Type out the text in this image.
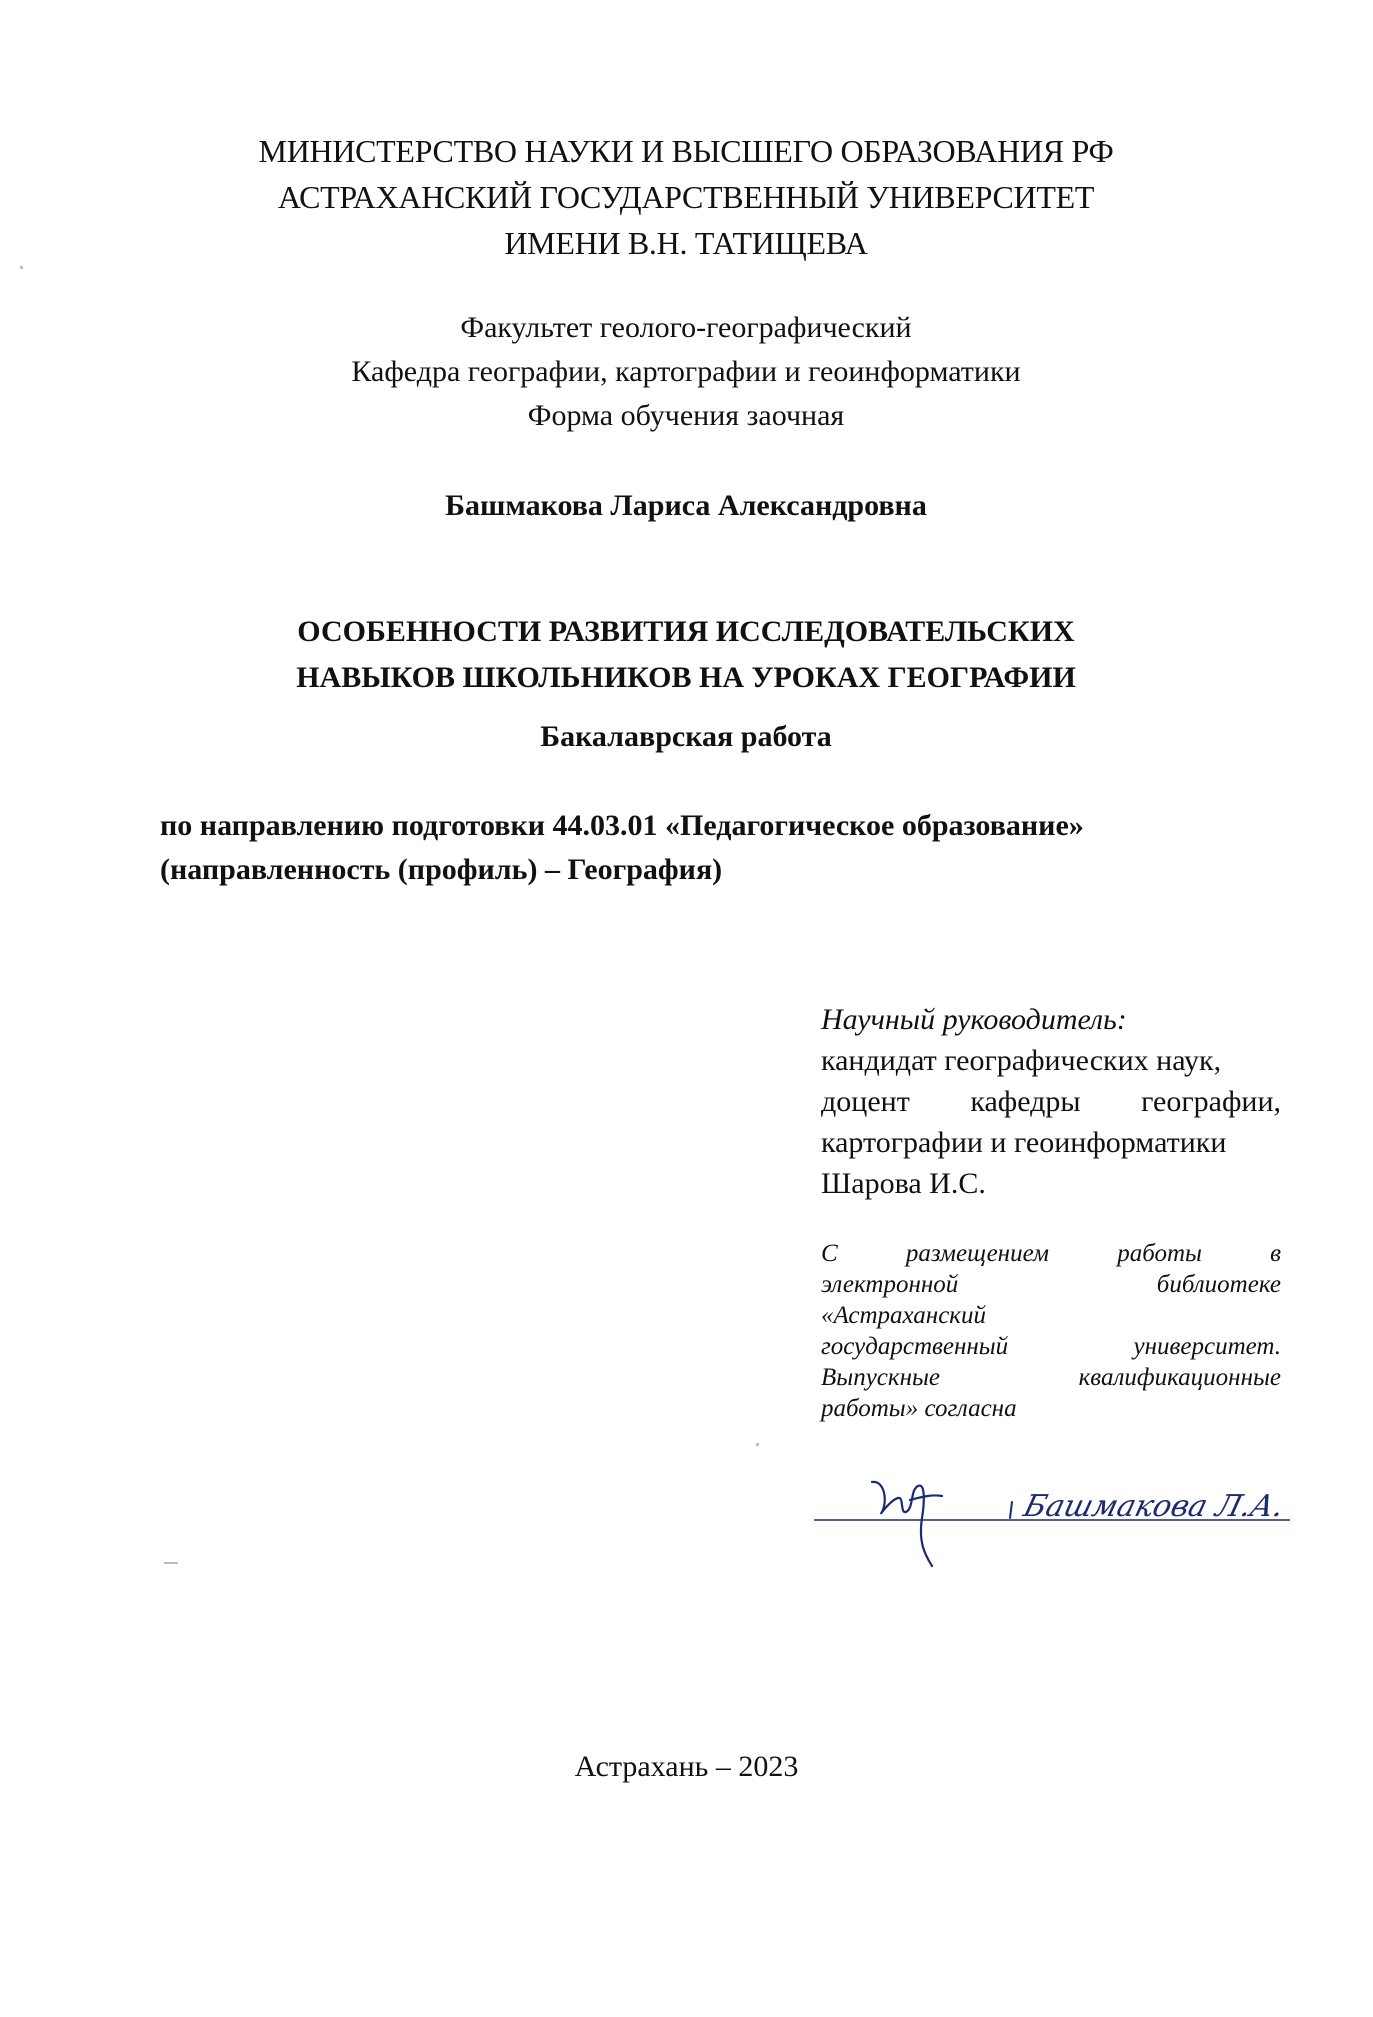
МИНИСТЕРСТВО НАУКИ И ВЫСШЕГО ОБРАЗОВАНИЯ РФ
АСТРАХАНСКИЙ ГОСУДАРСТВЕННЫЙ УНИВЕРСИТЕТ
ИМЕНИ В.Н. ТАТИЩЕВА
Факультет геолого-географический
Кафедра географии, картографии и геоинформатики
Форма обучения заочная
Башмакова Лариса Александровна
ОСОБЕННОСТИ РАЗВИТИЯ ИССЛЕДОВАТЕЛЬСКИХ
НАВЫКОВ ШКОЛЬНИКОВ НА УРОКАХ ГЕОГРАФИИ
Бакалаврская работа
по направлению подготовки 44.03.01 «Педагогическое образование»
(направленность (профиль) – География)
Научный руководитель:
кандидат географических наук,
доцент кафедры географии,
картографии и геоинформатики
Шарова И.С.
С размещением работы в
электронной библиотеке
«Астраханский
государственный университет.
Выпускные квалификационные
работы» согласна
Башмакова Л.А.
Астрахань – 2023
